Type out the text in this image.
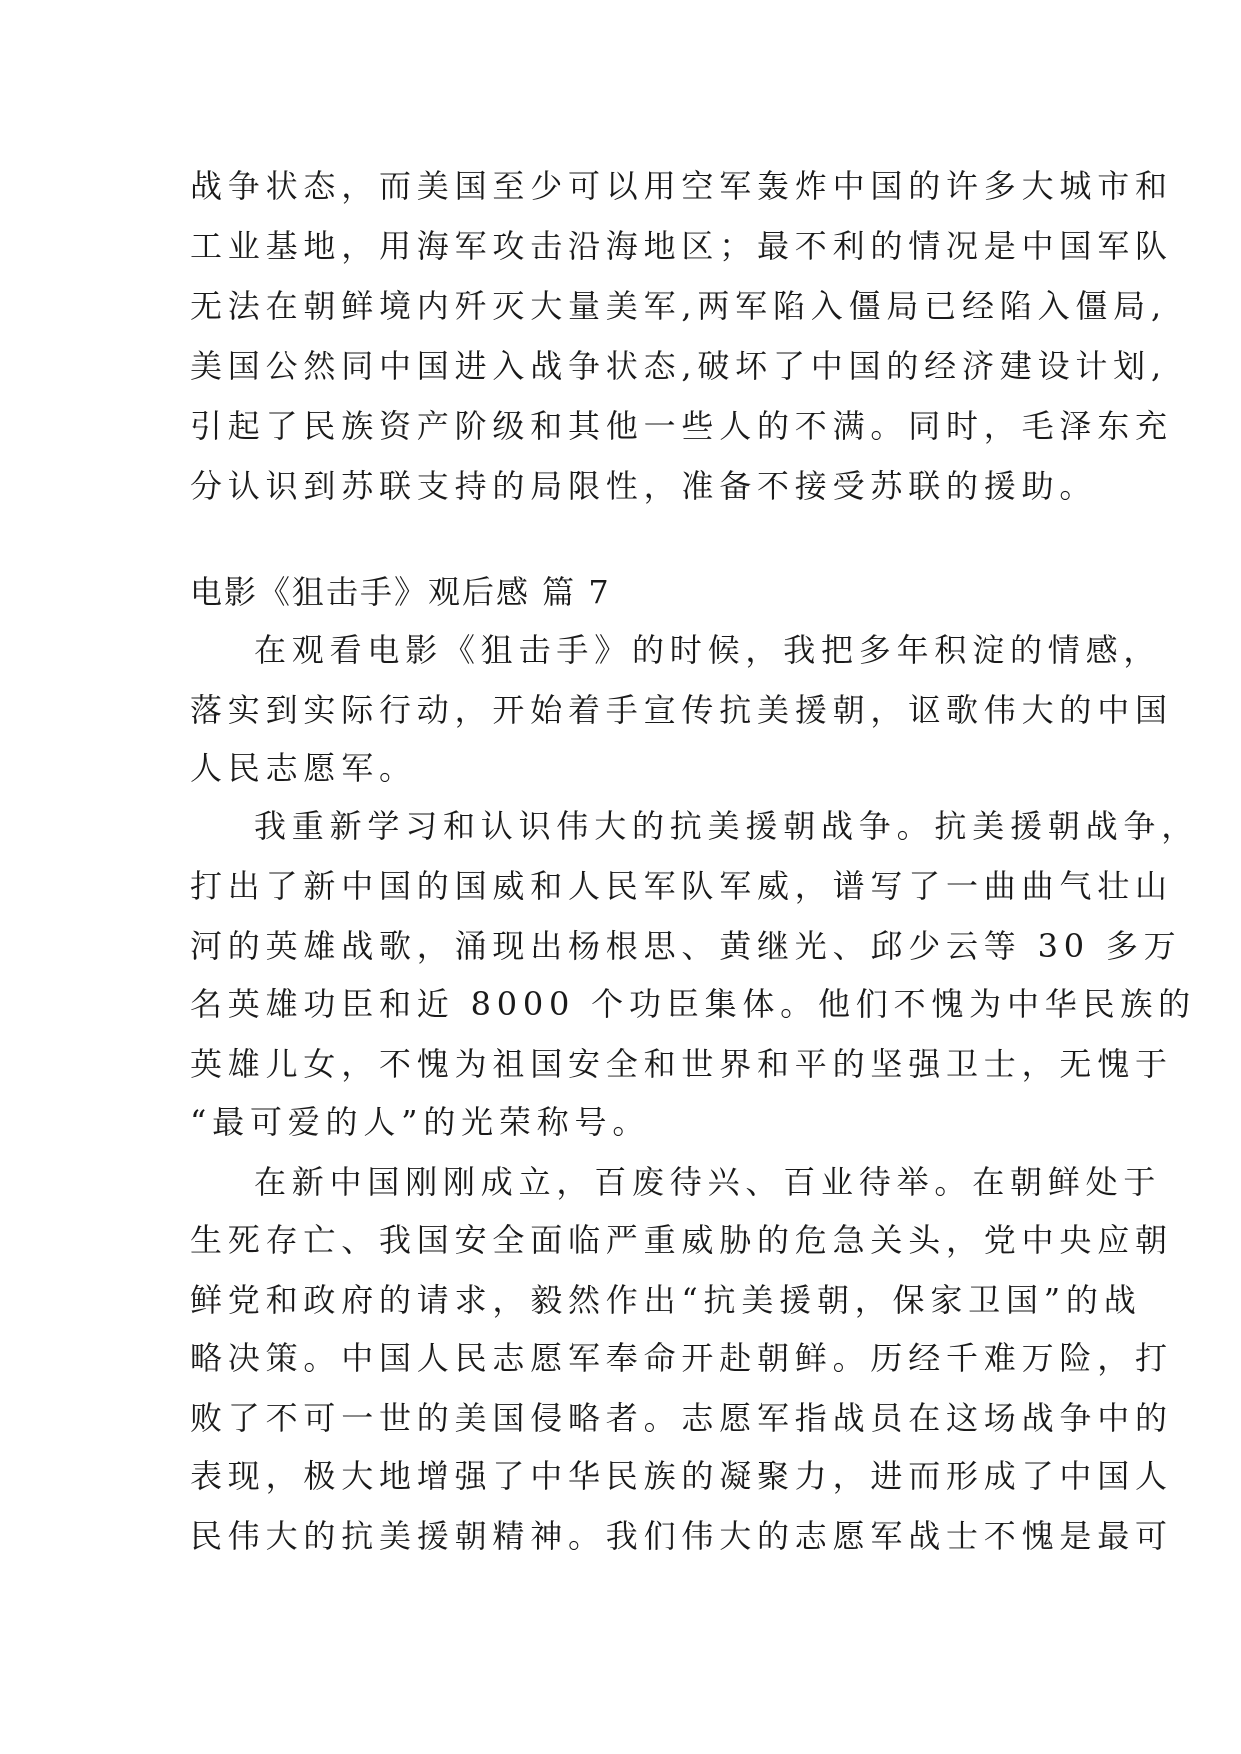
战争状态，而美国至少可以用空军轰炸中国的许多大城市和
工业基地，用海军攻击沿海地区；最不利的情况是中国军队
无法在朝鲜境内歼灭大量美军,两军陷入僵局已经陷入僵局,
美国公然同中国进入战争状态,破坏了中国的经济建设计划,
引起了民族资产阶级和其他一些人的不满。同时，毛泽东充
分认识到苏联支持的局限性，准备不接受苏联的援助。
电影《狙击手》观后感 篇 7
在观看电影《狙击手》的时候，我把多年积淀的情感，
落实到实际行动，开始着手宣传抗美援朝，讴歌伟大的中国
人民志愿军。
我重新学习和认识伟大的抗美援朝战争。抗美援朝战争，
打出了新中国的国威和人民军队军威，谱写了一曲曲气壮山
河的英雄战歌，涌现出杨根思、黄继光、邱少云等 30 多万
名英雄功臣和近 8000 个功臣集体。他们不愧为中华民族的
英雄儿女，不愧为祖国安全和世界和平的坚强卫士，无愧于
“最可爱的人”的光荣称号。
在新中国刚刚成立，百废待兴、百业待举。在朝鲜处于
生死存亡、我国安全面临严重威胁的危急关头，党中央应朝
鲜党和政府的请求，毅然作出“抗美援朝，保家卫国”的战
略决策。中国人民志愿军奉命开赴朝鲜。历经千难万险，打
败了不可一世的美国侵略者。志愿军指战员在这场战争中的
表现，极大地增强了中华民族的凝聚力，进而形成了中国人
民伟大的抗美援朝精神。我们伟大的志愿军战士不愧是最可
